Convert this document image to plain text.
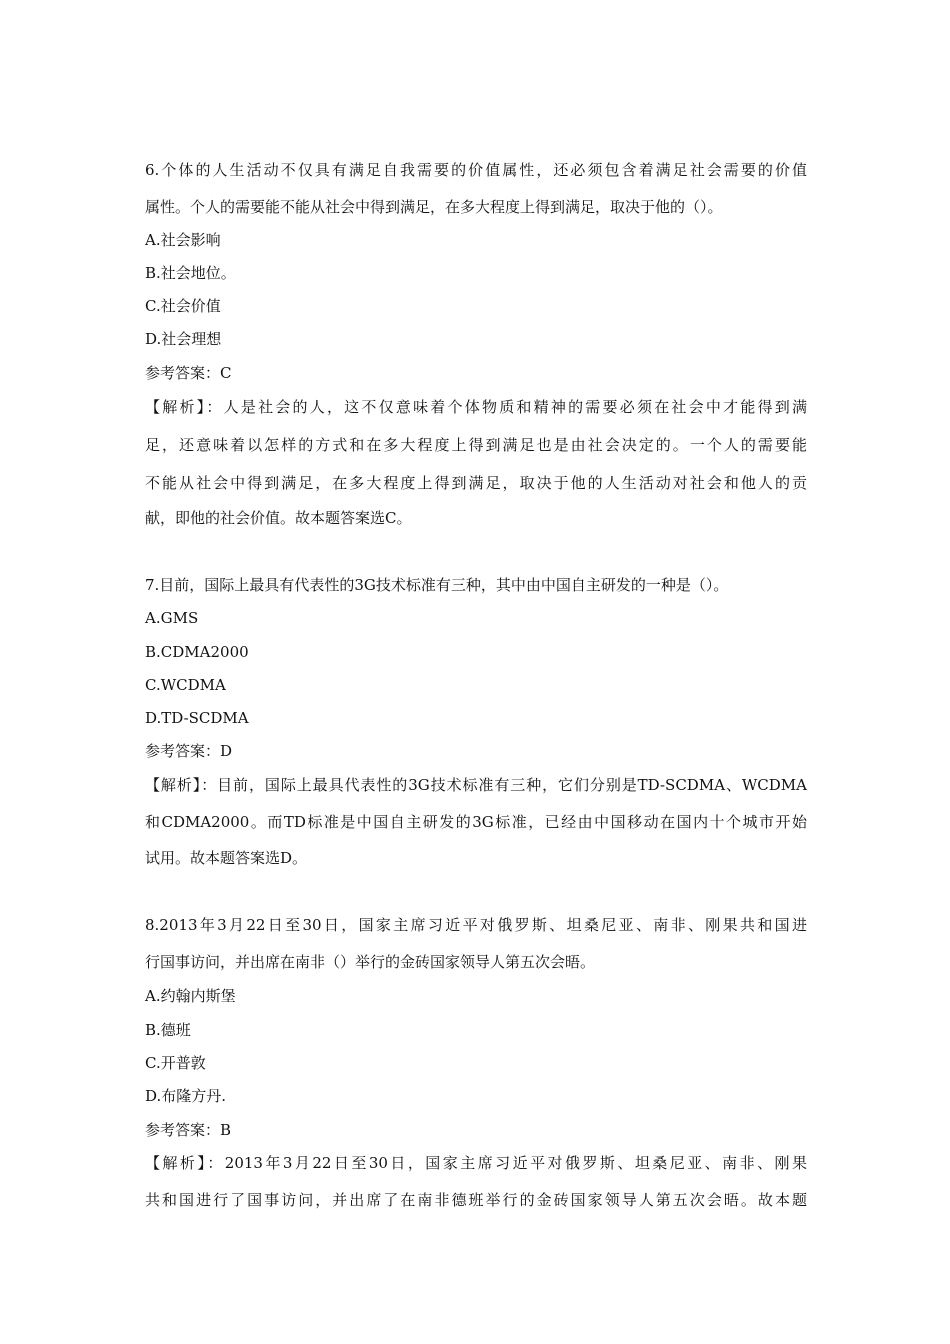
6.个体的人生活动不仅具有满足自我需要的价值属性，还必须包含着满足社会需要的价值
属性。个人的需要能不能从社会中得到满足，在多大程度上得到满足，取决于他的（）。
A.社会影响
B.社会地位。
C.社会价值
D.社会理想
参考答案：C
【解析】：人是社会的人，这不仅意味着个体物质和精神的需要必须在社会中才能得到满
足，还意味着以怎样的方式和在多大程度上得到满足也是由社会决定的。一个人的需要能
不能从社会中得到满足，在多大程度上得到满足，取决于他的人生活动对社会和他人的贡
献，即他的社会价值。故本题答案选C。
7.目前，国际上最具有代表性的3G技术标准有三种，其中由中国自主研发的一种是（）。
A.GMS
B.CDMA2000
C.WCDMA
D.TD-SCDMA
参考答案：D
【解析】：目前，国际上最具代表性的3G技术标准有三种，它们分别是TD-SCDMA、WCDMA
和CDMA2000。而TD标准是中国自主研发的3G标准，已经由中国移动在国内十个城市开始
试用。故本题答案选D。
8.2013年3月22日至30日，国家主席习近平对俄罗斯、坦桑尼亚、南非、刚果共和国进
行国事访问，并出席在南非（）举行的金砖国家领导人第五次会晤。
A.约翰内斯堡
B.德班
C.开普敦
D.布隆方丹.
参考答案：B
【解析】：2013年3月22日至30日，国家主席习近平对俄罗斯、坦桑尼亚、南非、刚果
共和国进行了国事访问，并出席了在南非德班举行的金砖国家领导人第五次会晤。故本题
